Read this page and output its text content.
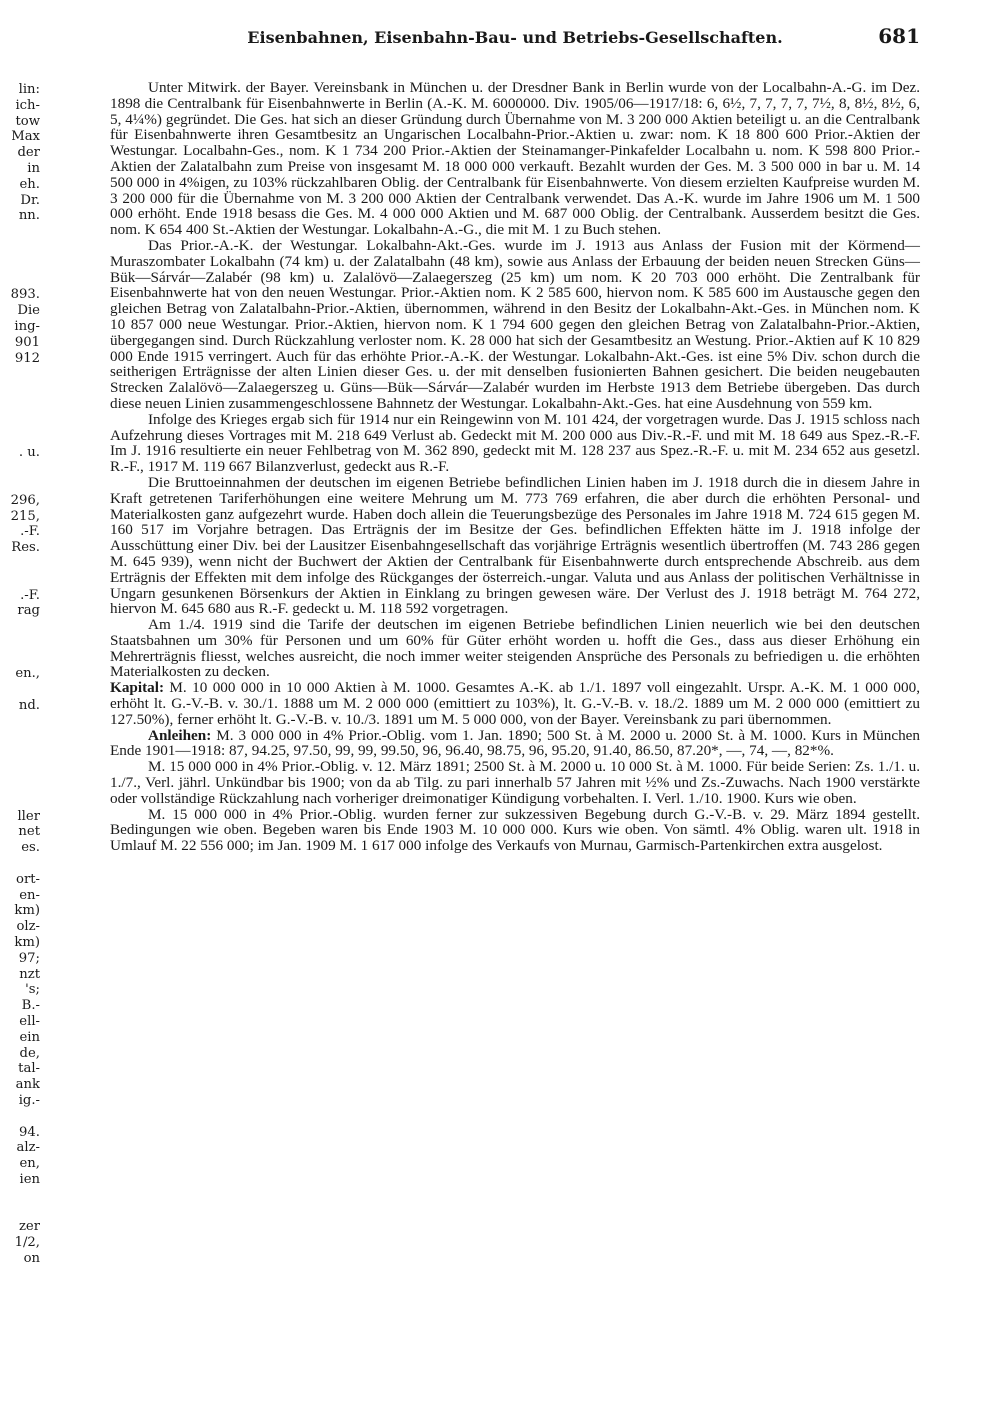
lin:
ich-
tow
Max
der
in
eh.
Dr.
nn.
893.
Die
ing-
901
912
. u.
296,
215,
.-F.
Res.
.-F.
rag
en.,
nd.
ller
net
es.
ort-
en-
km)
olz-
km)
97;
nzt
's;
B.-
ell-
ein
de,
tal-
ank
ig.-
94.
alz-
en,
ien
zer
1/2,
on
Eisenbahnen, Eisenbahn-Bau- und Betriebs-Gesellschaften.	681

Unter Mitwirk. der Bayer. Vereinsbank in München u. der Dresdner Bank in Berlin wurde von der Localbahn-A.-G. im Dez. 1898 die Centralbank für Eisenbahnwerte in Berlin (A.-K. M. 6000000. Div. 1905/06—1917/18: 6, 6½, 7, 7, 7, 7, 7½, 8, 8½, 8½, 6, 5, 4¼%) gegründet. Die Ges. hat sich an dieser Gründung durch Übernahme von M. 3 200 000 Aktien beteiligt u. an die Centralbank für Eisenbahnwerte ihren Gesamtbesitz an Ungarischen Localbahn-Prior.-Aktien u. zwar: nom. K 18 800 600 Prior.-Aktien der Westungar. Localbahn-Ges., nom. K 1 734 200 Prior.-Aktien der Steinamanger-Pinkafelder Localbahn u. nom. K 598 800 Prior.-Aktien der Zalatalbahn zum Preise von insgesamt M. 18 000 000 verkauft. Bezahlt wurden der Ges. M. 3 500 000 in bar u. M. 14 500 000 in 4%igen, zu 103% rückzahlbaren Oblig. der Centralbank für Eisenbahnwerte. Von diesem erzielten Kaufpreise wurden M. 3 200 000 für die Übernahme von M. 3 200 000 Aktien der Centralbank verwendet. Das A.-K. wurde im Jahre 1906 um M. 1 500 000 erhöht. Ende 1918 besass die Ges. M. 4 000 000 Aktien und M. 687 000 Oblig. der Centralbank. Ausserdem besitzt die Ges. nom. K 654 400 St.-Aktien der Westungar. Lokalbahn-A.-G., die mit M. 1 zu Buch stehen.

Das Prior.-A.-K. der Westungar. Lokalbahn-Akt.-Ges. wurde im J. 1913 aus Anlass der Fusion mit der Körmend—Muraszombater Lokalbahn (74 km) u. der Zalatalbahn (48 km), sowie aus Anlass der Erbauung der beiden neuen Strecken Güns—Bük—Sárvár—Zalabér (98 km) u. Zalalövö—Zalaegerszeg (25 km) um nom. K 20 703 000 erhöht. Die Zentralbank für Eisenbahnwerte hat von den neuen Westungar. Prior.-Aktien nom. K 2 585 600, hiervon nom. K 585 600 im Austausche gegen den gleichen Betrag von Zalatalbahn-Prior.-Aktien, übernommen, während in den Besitz der Lokalbahn-Akt.-Ges. in München nom. K 10 857 000 neue Westungar. Prior.-Aktien, hiervon nom. K 1 794 600 gegen den gleichen Betrag von Zalatalbahn-Prior.-Aktien, übergegangen sind. Durch Rückzahlung verloster nom. K. 28 000 hat sich der Gesamtbesitz an Westung. Prior.-Aktien auf K 10 829 000 Ende 1915 verringert. Auch für das erhöhte Prior.-A.-K. der Westungar. Lokalbahn-Akt.-Ges. ist eine 5% Div. schon durch die seitherigen Erträgnisse der alten Linien dieser Ges. u. der mit denselben fusionierten Bahnen gesichert. Die beiden neugebauten Strecken Zalalövö—Zalaegerszeg u. Güns—Bük—Sárvár—Zalabér wurden im Herbste 1913 dem Betriebe übergeben. Das durch diese neuen Linien zusammengeschlossene Bahnnetz der Westungar. Lokalbahn-Akt.-Ges. hat eine Ausdehnung von 559 km.

Infolge des Krieges ergab sich für 1914 nur ein Reingewinn von M. 101 424, der vorgetragen wurde. Das J. 1915 schloss nach Aufzehrung dieses Vortrages mit M. 218 649 Verlust ab. Gedeckt mit M. 200 000 aus Div.-R.-F. und mit M. 18 649 aus Spez.-R.-F. Im J. 1916 resultierte ein neuer Fehlbetrag von M. 362 890, gedeckt mit M. 128 237 aus Spez.-R.-F. u. mit M. 234 652 aus gesetzl. R.-F., 1917 M. 119 667 Bilanzverlust, gedeckt aus R.-F.

Die Bruttoeinnahmen der deutschen im eigenen Betriebe befindlichen Linien haben im J. 1918 durch die in diesem Jahre in Kraft getretenen Tariferhöhungen eine weitere Mehrung um M. 773 769 erfahren, die aber durch die erhöhten Personal- und Materialkosten ganz aufgezehrt wurde. Haben doch allein die Teuerungsbezüge des Personales im Jahre 1918 M. 724 615 gegen M. 160 517 im Vorjahre betragen. Das Erträgnis der im Besitze der Ges. befindlichen Effekten hätte im J. 1918 infolge der Ausschüttung einer Div. bei der Lausitzer Eisenbahngesellschaft das vorjährige Erträgnis wesentlich übertroffen (M. 743 286 gegen M. 645 939), wenn nicht der Buchwert der Aktien der Centralbank für Eisenbahnwerte durch entsprechende Abschreib. aus dem Erträgnis der Effekten mit dem infolge des Rückganges der österreich.-ungar. Valuta und aus Anlass der politischen Verhältnisse in Ungarn gesunkenen Börsenkurs der Aktien in Einklang zu bringen gewesen wäre. Der Verlust des J. 1918 beträgt M. 764 272, hiervon M. 645 680 aus R.-F. gedeckt u. M. 118 592 vorgetragen.

Am 1./4. 1919 sind die Tarife der deutschen im eigenen Betriebe befindlichen Linien neuerlich wie bei den deutschen Staatsbahnen um 30% für Personen und um 60% für Güter erhöht worden u. hofft die Ges., dass aus dieser Erhöhung ein Mehrerträgnis fliesst, welches ausreicht, die noch immer weiter steigenden Ansprüche des Personals zu befriedigen u. die erhöhten Materialkosten zu decken.

Kapital: M. 10 000 000 in 10 000 Aktien à M. 1000. Gesamtes A.-K. ab 1./1. 1897 voll eingezahlt. Urspr. A.-K. M. 1 000 000, erhöht lt. G.-V.-B. v. 30./1. 1888 um M. 2 000 000 (emittiert zu 103%), lt. G.-V.-B. v. 18./2. 1889 um M. 2 000 000 (emittiert zu 127.50%), ferner erhöht lt. G.-V.-B. v. 10./3. 1891 um M. 5 000 000, von der Bayer. Vereinsbank zu pari übernommen.

Anleihen: M. 3 000 000 in 4% Prior.-Oblig. vom 1. Jan. 1890; 500 St. à M. 2000 u. 2000 St. à M. 1000. Kurs in München Ende 1901—1918: 87, 94.25, 97.50, 99, 99, 99.50, 96, 96.40, 98.75, 96, 95.20, 91.40, 86.50, 87.20*, —, 74, —, 82*%.

M. 15 000 000 in 4% Prior.-Oblig. v. 12. März 1891; 2500 St. à M. 2000 u. 10 000 St. à M. 1000. Für beide Serien: Zs. 1./1. u. 1./7., Verl. jährl. Unkündbar bis 1900; von da ab Tilg. zu pari innerhalb 57 Jahren mit ½% und Zs.-Zuwachs. Nach 1900 verstärkte oder vollständige Rückzahlung nach vorheriger dreimonatiger Kündigung vorbehalten. I. Verl. 1./10. 1900. Kurs wie oben.

M. 15 000 000 in 4% Prior.-Oblig. wurden ferner zur sukzessiven Begebung durch G.-V.-B. v. 29. März 1894 gestellt. Bedingungen wie oben. Begeben waren bis Ende 1903 M. 10 000 000. Kurs wie oben. Von sämtl. 4% Oblig. waren ult. 1918 in Umlauf M. 22 556 000; im Jan. 1909 M. 1 617 000 infolge des Verkaufs von Murnau, Garmisch-Partenkirchen extra ausgelost.
